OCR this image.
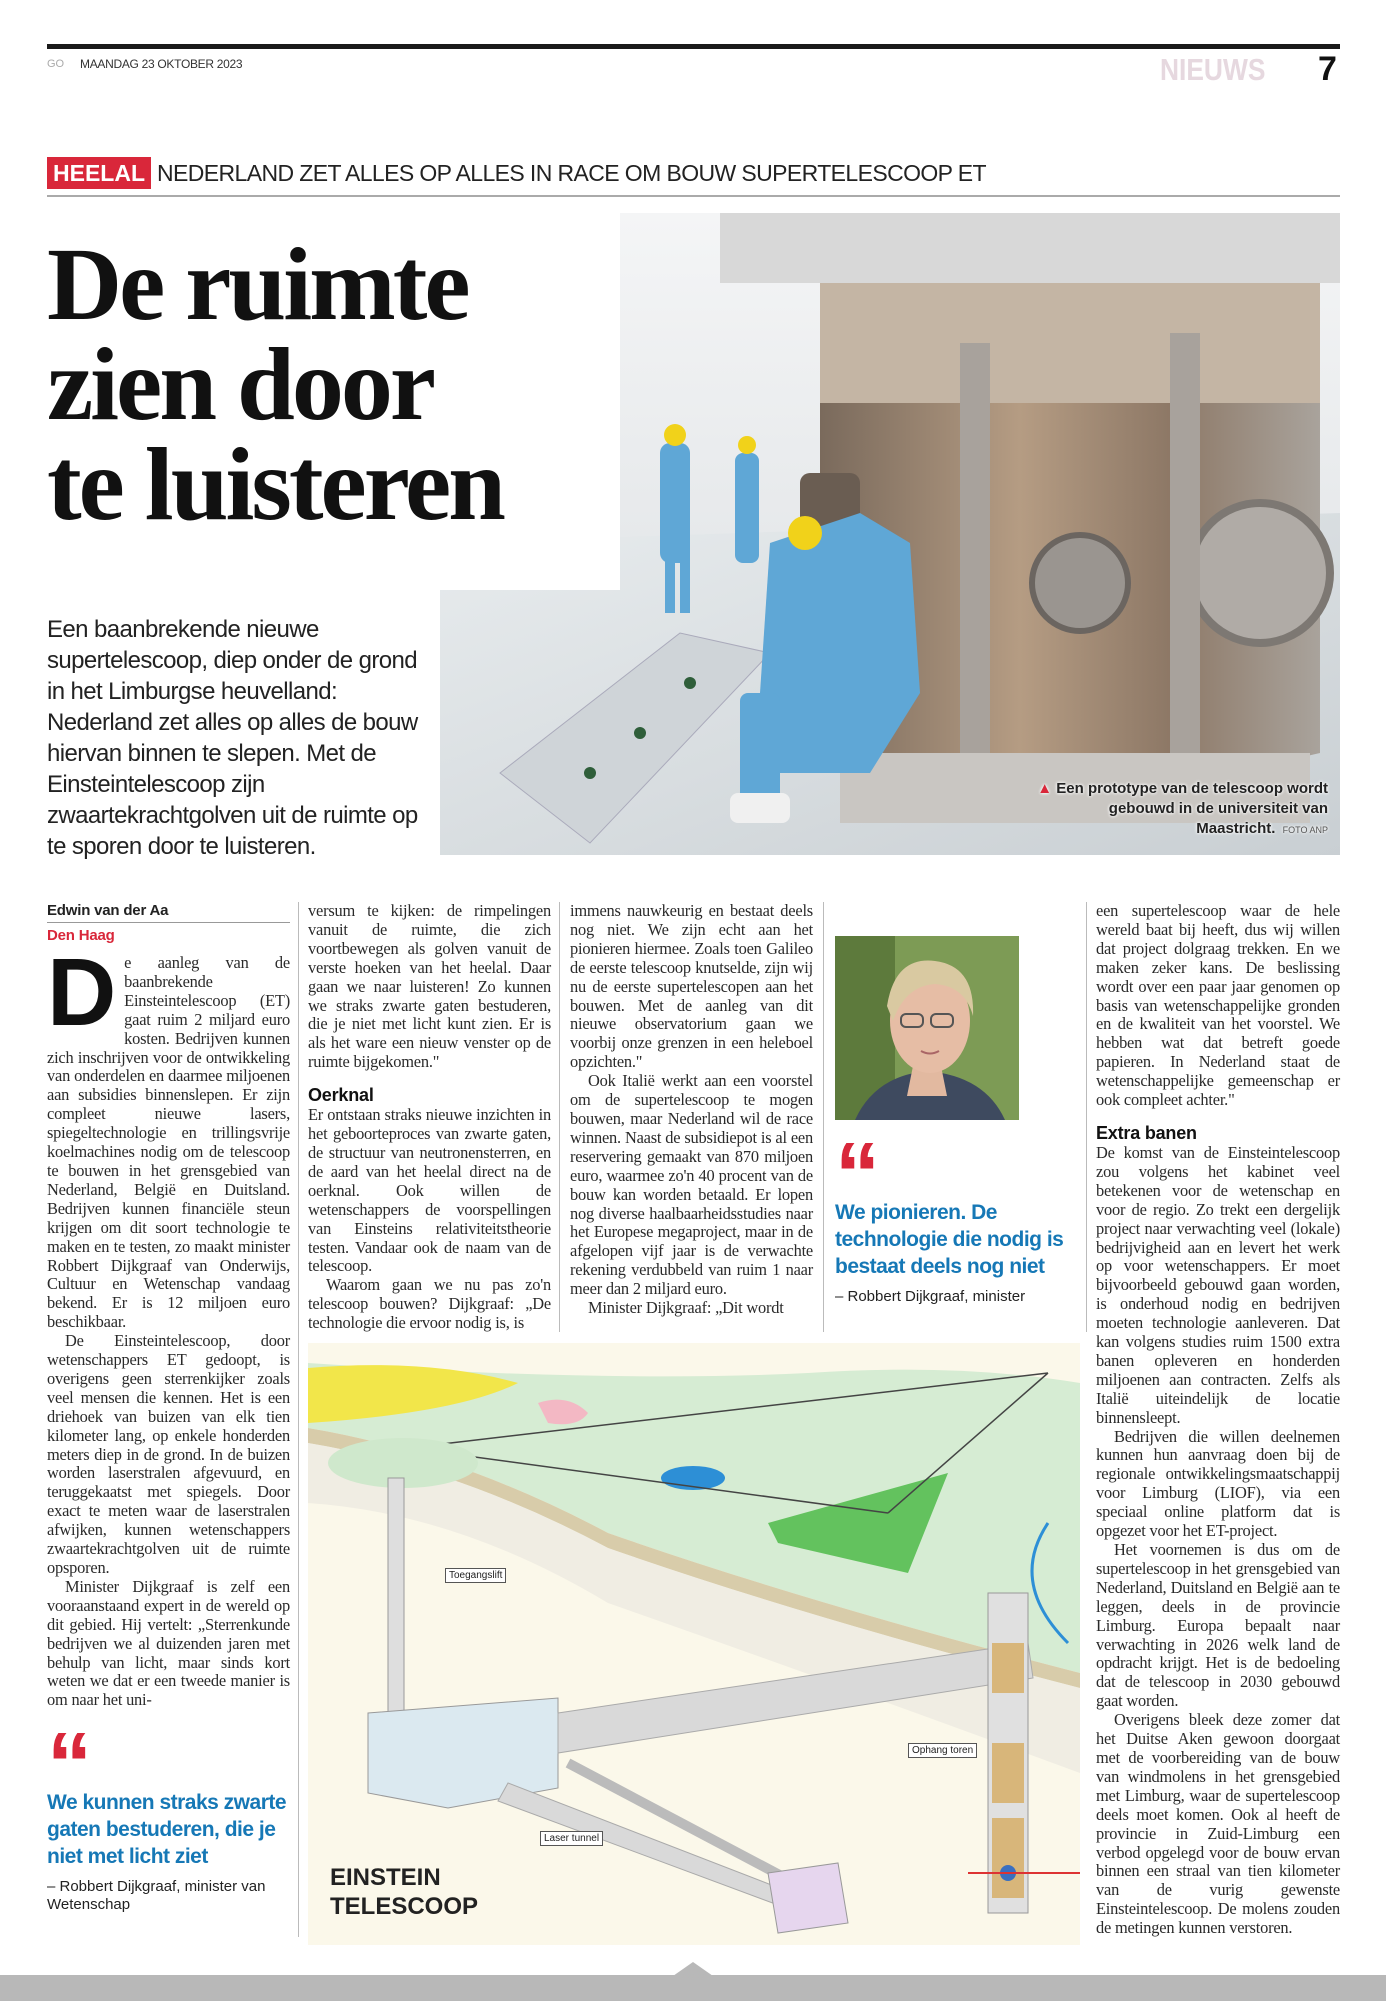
GO MAANDAG 23 OKTOBER 2023	NIEUWS 7
HEELAL NEDERLAND ZET ALLES OP ALLES IN RACE OM BOUW SUPERTELESCOOP ET
▲ Een prototype van de telescoop wordt gebouwd in de universiteit van Maastricht. FOTO ANP
De ruimte
zien door
te luisteren

Een baanbrekende nieuwe supertelescoop, diep onder de grond in het Limburgse heuvelland: Nederland zet alles op alles de bouw hiervan binnen te slepen. Met de Einsteintelescoop zijn zwaartekrachtgolven uit de ruimte op te sporen door te luisteren.

Edwin van der Aa
Den Haag
D e aanleg van de baanbrekende Einsteintelescoop (ET) gaat ruim 2 miljard euro kosten. Bedrijven kunnen zich inschrijven voor de ontwikkeling van onderdelen en daarmee miljoenen aan subsidies binnenslepen. Er zijn compleet nieuwe lasers, spiegeltechnologie en trillingsvrije koelmachines nodig om de telescoop te bouwen in het grensgebied van Nederland, België en Duitsland. Bedrijven kunnen financiële steun krijgen om dit soort technologie te maken en te testen, zo maakt minister Robbert Dijkgraaf van Onderwijs, Cultuur en Wetenschap vandaag bekend. Er is 12 miljoen euro beschikbaar.

De Einsteintelescoop, door wetenschappers ET gedoopt, is overigens geen sterrenkijker zoals veel mensen die kennen. Het is een driehoek van buizen van elk tien kilometer lang, op enkele honderden meters diep in de grond. In de buizen worden laserstralen afgevuurd, en teruggekaatst met spiegels. Door exact te meten waar de laserstralen afwijken, kunnen wetenschappers zwaartekrachtgolven uit de ruimte opsporen.

Minister Dijkgraaf is zelf een vooraanstaand expert in de wereld op dit gebied. Hij vertelt: „Sterrenkunde bedrijven we al duizenden jaren met behulp van licht, maar sinds kort weten we dat er een tweede manier is om naar het uni-

“
We kunnen straks zwarte gaten bestuderen, die je niet met licht ziet
– Robbert Dijkgraaf, minister van Wetenschap

versum te kijken: de rimpelingen vanuit de ruimte, die zich voortbewegen als golven vanuit de verste hoeken van het heelal. Daar gaan we naar luisteren! Zo kunnen we straks zwarte gaten bestuderen, die je niet met licht kunt zien. Er is als het ware een nieuw venster op de ruimte bijgekomen."

Oerknal

Er ontstaan straks nieuwe inzichten in het geboorteproces van zwarte gaten, de structuur van neutronensterren, en de aard van het heelal direct na de oerknal. Ook willen de wetenschappers de voorspellingen van Einsteins relativiteitstheorie testen. Vandaar ook de naam van de telescoop.

Waarom gaan we nu pas zo'n telescoop bouwen? Dijkgraaf: „De technologie die ervoor nodig is, is

immens nauwkeurig en bestaat deels nog niet. We zijn echt aan het pionieren hiermee. Zoals toen Galileo de eerste telescoop knutselde, zijn wij nu de eerste supertelescopen aan het bouwen. Met de aanleg van dit nieuwe observatorium gaan we voorbij onze grenzen in een heleboel opzichten."

Ook Italië werkt aan een voorstel om de supertelescoop te mogen bouwen, maar Nederland wil de race winnen. Naast de subsidiepot is al een reservering gemaakt van 870 miljoen euro, waarmee zo'n 40 procent van de bouw kan worden betaald. Er lopen nog diverse haalbaarheidsstudies naar het Europese megaproject, maar in de afgelopen vijf jaar is de verwachte rekening verdubbeld van ruim 1 naar meer dan 2 miljard euro.

Minister Dijkgraaf: „Dit wordt

“
We pionieren. De technologie die nodig is bestaat deels nog niet
– Robbert Dijkgraaf, minister

een supertelescoop waar de hele wereld baat bij heeft, dus wij willen dat project dolgraag trekken. En we maken zeker kans. De beslissing wordt over een paar jaar genomen op basis van wetenschappelijke gronden en de kwaliteit van het voorstel. We hebben wat dat betreft goede papieren. In Nederland staat de wetenschappelijke gemeenschap er ook compleet achter."

Extra banen

De komst van de Einsteintelescoop zou volgens het kabinet veel betekenen voor de wetenschap en voor de regio. Zo trekt een dergelijk project naar verwachting veel (lokale) bedrijvigheid aan en levert het werk op voor wetenschappers. Er moet bijvoorbeeld gebouwd gaan worden, is onderhoud nodig en bedrijven moeten technologie aanleveren. Dat kan volgens studies ruim 1500 extra banen opleveren en honderden miljoenen aan contracten. Zelfs als Italië uiteindelijk de locatie binnensleept.

Bedrijven die willen deelnemen kunnen hun aanvraag doen bij de regionale ontwikkelingsmaatschappij voor Limburg (LIOF), via een speciaal online platform dat is opgezet voor het ET-project.

Het voornemen is dus om de supertelescoop in het grensgebied van Nederland, Duitsland en België aan te leggen, deels in de provincie Limburg. Europa bepaalt naar verwachting in 2026 welk land de opdracht krijgt. Het is de bedoeling dat de telescoop in 2030 gebouwd gaat worden.

Overigens bleek deze zomer dat het Duitse Aken gewoon doorgaat met de voorbereiding van de bouw van windmolens in het grensgebied met Limburg, waar de supertelescoop deels moet komen. Ook al heeft de provincie in Zuid-Limburg een verbod opgelegd voor de bouw ervan binnen een straal van tien kilometer van de vurig gewenste Einsteintelescoop. De molens zouden de metingen kunnen verstoren.

Toegangslift
Ophang toren
Laser tunnel
EINSTEIN
TELESCOOP
